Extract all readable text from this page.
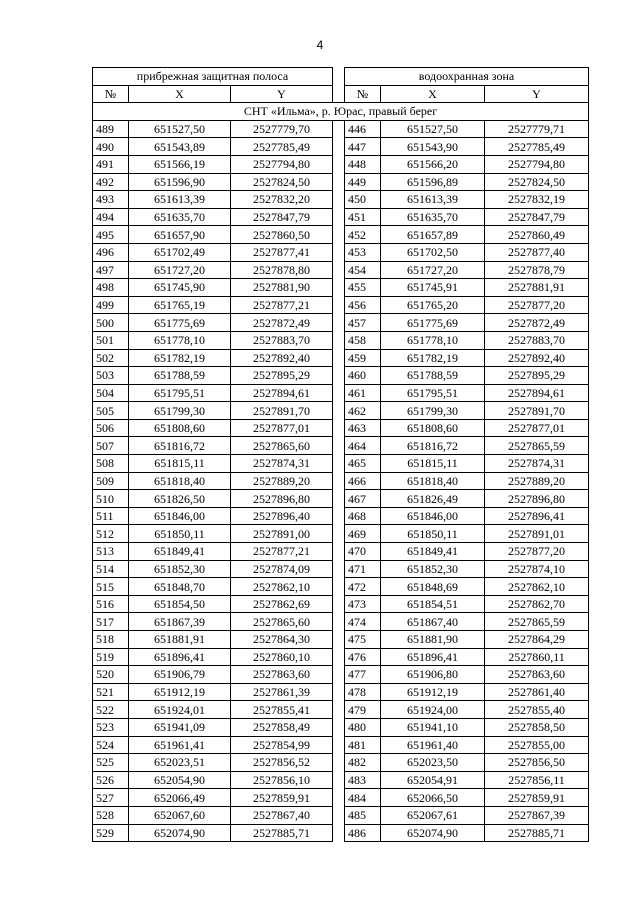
4
прибрежная защитная полоса				водоохранная зона		
№	X	Y		№	X	Y
СНТ «Ильма», р. Юрас, правый берег						
489	651527,50	2527779,70		446	651527,50	2527779,71
490	651543,89	2527785,49		447	651543,90	2527785,49
491	651566,19	2527794,80		448	651566,20	2527794,80
492	651596,90	2527824,50		449	651596,89	2527824,50
493	651613,39	2527832,20		450	651613,39	2527832,19
494	651635,70	2527847,79		451	651635,70	2527847,79
495	651657,90	2527860,50		452	651657,89	2527860,49
496	651702,49	2527877,41		453	651702,50	2527877,40
497	651727,20	2527878,80		454	651727,20	2527878,79
498	651745,90	2527881,90		455	651745,91	2527881,91
499	651765,19	2527877,21		456	651765,20	2527877,20
500	651775,69	2527872,49		457	651775,69	2527872,49
501	651778,10	2527883,70		458	651778,10	2527883,70
502	651782,19	2527892,40		459	651782,19	2527892,40
503	651788,59	2527895,29		460	651788,59	2527895,29
504	651795,51	2527894,61		461	651795,51	2527894,61
505	651799,30	2527891,70		462	651799,30	2527891,70
506	651808,60	2527877,01		463	651808,60	2527877,01
507	651816,72	2527865,60		464	651816,72	2527865,59
508	651815,11	2527874,31		465	651815,11	2527874,31
509	651818,40	2527889,20		466	651818,40	2527889,20
510	651826,50	2527896,80		467	651826,49	2527896,80
511	651846,00	2527896,40		468	651846,00	2527896,41
512	651850,11	2527891,00		469	651850,11	2527891,01
513	651849,41	2527877,21		470	651849,41	2527877,20
514	651852,30	2527874,09		471	651852,30	2527874,10
515	651848,70	2527862,10		472	651848,69	2527862,10
516	651854,50	2527862,69		473	651854,51	2527862,70
517	651867,39	2527865,60		474	651867,40	2527865,59
518	651881,91	2527864,30		475	651881,90	2527864,29
519	651896,41	2527860,10		476	651896,41	2527860,11
520	651906,79	2527863,60		477	651906,80	2527863,60
521	651912,19	2527861,39		478	651912,19	2527861,40
522	651924,01	2527855,41		479	651924,00	2527855,40
523	651941,09	2527858,49		480	651941,10	2527858,50
524	651961,41	2527854,99		481	651961,40	2527855,00
525	652023,51	2527856,52		482	652023,50	2527856,50
526	652054,90	2527856,10		483	652054,91	2527856,11
527	652066,49	2527859,91		484	652066,50	2527859,91
528	652067,60	2527867,40		485	652067,61	2527867,39
529	652074,90	2527885,71		486	652074,90	2527885,71
